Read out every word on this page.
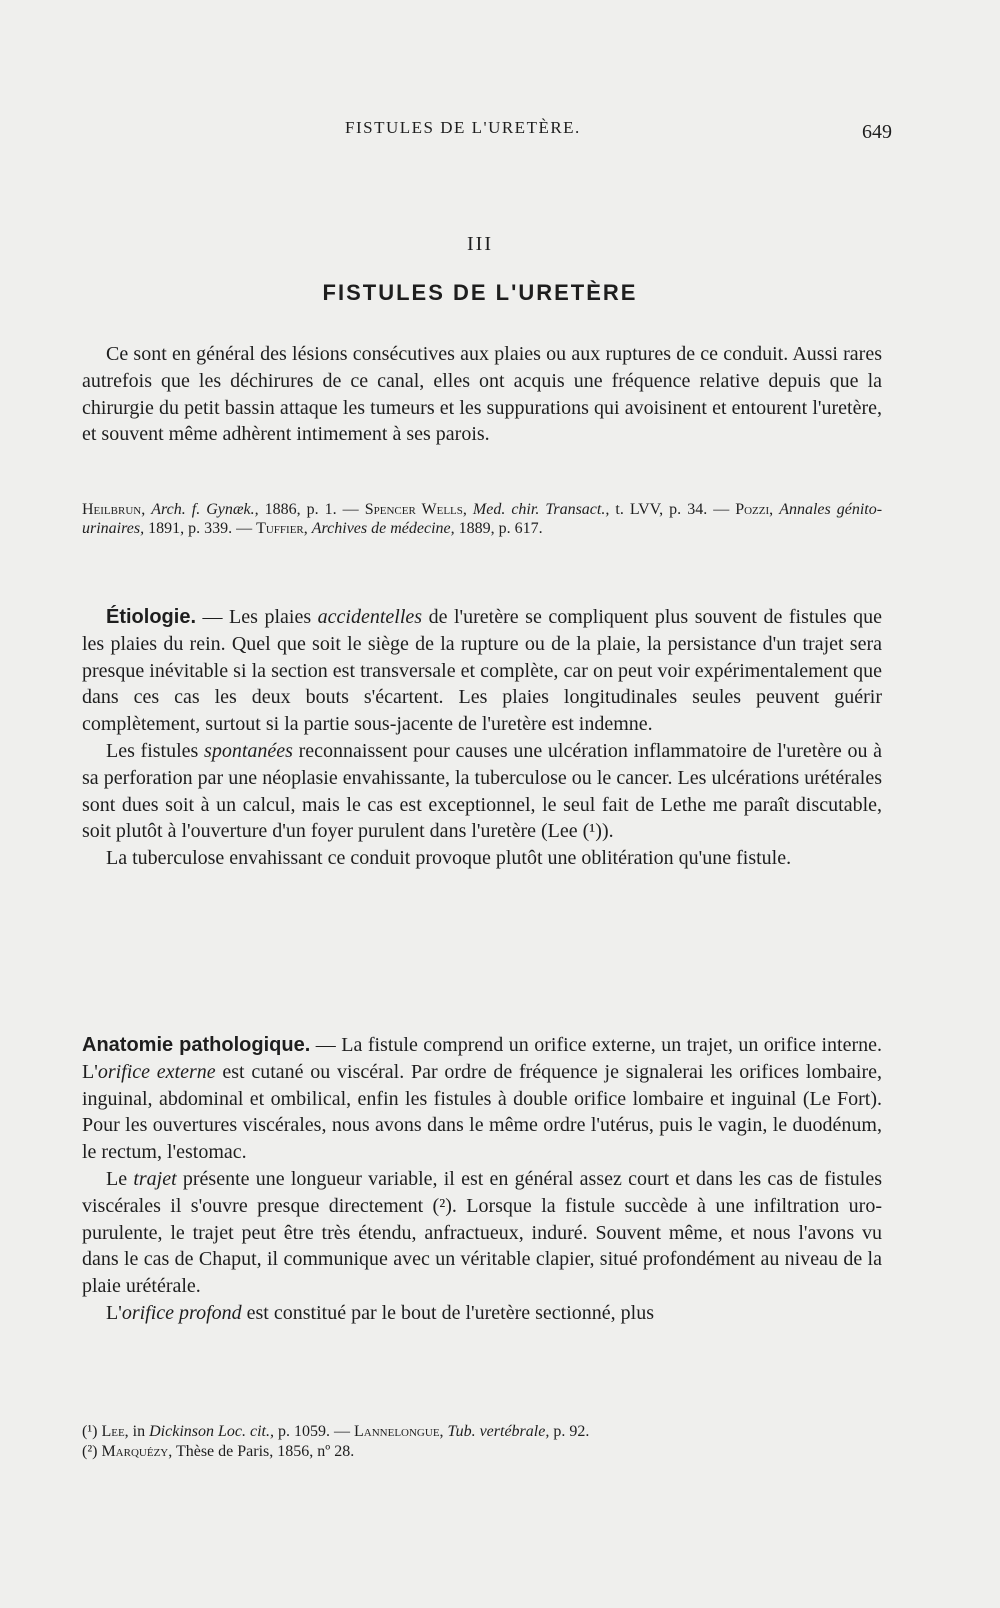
FISTULES DE L'URETÈRE.	649
III
FISTULES DE L'URETÈRE

Ce sont en général des lésions consécutives aux plaies ou aux ruptures de ce conduit. Aussi rares autrefois que les déchirures de ce canal, elles ont acquis une fréquence relative depuis que la chirurgie du petit bassin attaque les tumeurs et les suppurations qui avoisinent et entourent l'uretère, et souvent même adhèrent intimement à ses parois.

Heilbrun, Arch. f. Gynæk., 1886, p. 1. — Spencer Wells, Med. chir. Transact., t. LVV, p. 34. — Pozzi, Annales génito-urinaires, 1891, p. 339. — Tuffier, Archives de médecine, 1889, p. 617.

Étiologie. — Les plaies accidentelles de l'uretère se compliquent plus souvent de fistules que les plaies du rein. Quel que soit le siège de la rupture ou de la plaie, la persistance d'un trajet sera presque inévitable si la section est transversale et complète, car on peut voir expérimentalement que dans ces cas les deux bouts s'écartent. Les plaies longitudinales seules peuvent guérir complètement, surtout si la partie sous-jacente de l'uretère est indemne.

Les fistules spontanées reconnaissent pour causes une ulcération inflammatoire de l'uretère ou à sa perforation par une néoplasie envahissante, la tuberculose ou le cancer. Les ulcérations urétérales sont dues soit à un calcul, mais le cas est exceptionnel, le seul fait de Lethe me paraît discutable, soit plutôt à l'ouverture d'un foyer purulent dans l'uretère (Lee (¹)).

La tuberculose envahissant ce conduit provoque plutôt une oblitération qu'une fistule.

Anatomie pathologique. — La fistule comprend un orifice externe, un trajet, un orifice interne. L'orifice externe est cutané ou viscéral. Par ordre de fréquence je signalerai les orifices lombaire, inguinal, abdominal et ombilical, enfin les fistules à double orifice lombaire et inguinal (Le Fort). Pour les ouvertures viscérales, nous avons dans le même ordre l'utérus, puis le vagin, le duodénum, le rectum, l'estomac.

Le trajet présente une longueur variable, il est en général assez court et dans les cas de fistules viscérales il s'ouvre presque directement (²). Lorsque la fistule succède à une infiltration uro-purulente, le trajet peut être très étendu, anfractueux, induré. Souvent même, et nous l'avons vu dans le cas de Chaput, il communique avec un véritable clapier, situé profondément au niveau de la plaie urétérale.

L'orifice profond est constitué par le bout de l'uretère sectionné, plus

(¹) Lee, in Dickinson Loc. cit., p. 1059. — Lannelongue, Tub. vertébrale, p. 92.
(²) Marquézy, Thèse de Paris, 1856, nº 28.
